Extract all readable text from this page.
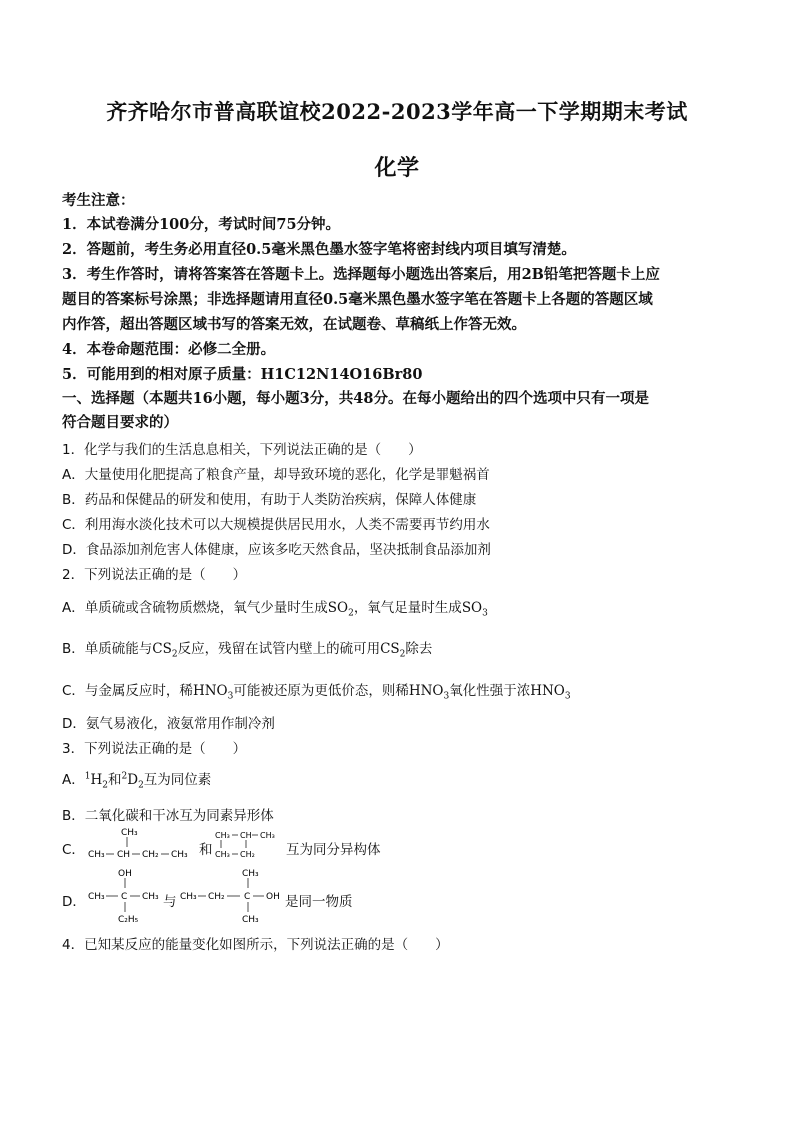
齐齐哈尔市普高联谊校2022-2023学年高一下学期期末考试
化学
考生注意：
1．本试卷满分100分，考试时间75分钟。
2．答题前，考生务必用直径0.5毫米黑色墨水签字笔将密封线内项目填写清楚。
3．考生作答时，请将答案答在答题卡上。选择题每小题选出答案后，用2B铅笔把答题卡上应
题目的答案标号涂黑；非选择题请用直径0.5毫米黑色墨水签字笔在答题卡上各题的答题区域
内作答，超出答题区域书写的答案无效，在试题卷、草稿纸上作答无效。
4．本卷命题范围：必修二全册。
5．可能用到的相对原子质量：H1C12N14O16Br80
一、选择题（本题共16小题，每小题3分，共48分。在每小题给出的四个选项中只有一项是
符合题目要求的）
1．化学与我们的生活息息相关，下列说法正确的是（　　）
A．大量使用化肥提高了粮食产量，却导致环境的恶化，化学是罪魁祸首
B．药品和保健品的研发和使用，有助于人类防治疾病，保障人体健康
C．利用海水淡化技术可以大规模提供居民用水，人类不需要再节约用水
D．食品添加剂危害人体健康，应该多吃天然食品，坚决抵制食品添加剂
2．下列说法正确的是（　　）
A．单质硫或含硫物质燃烧，氧气少量时生成$SO_2$，氧气足量时生成$SO_3$
B．单质硫能与$CS_2$反应，残留在试管内壁上的硫可用$CS_2$除去
C．与金属反应时，稀$HNO_3$可能被还原为更低价态，则稀$HNO_3$氧化性强于浓$HNO_3$
D．氨气易液化，液氨常用作制冷剂
3．下列说法正确的是（　　）
A．$^1H_2$和$^2D_2$互为同位素
B．二氧化碳和干冰互为同素异形体
C．
CH₃
CH₃ CH CH₂ CH₃ 和
CH₃ CH CH₃
CH₃ CH₂ 互为同分异构体
D．
OH
CH₃ C CH₃
C₂H₅
与
CH₃
CH₃ CH₂ C OH
CH₃
是同一物质
4．已知某反应的能量变化如图所示，下列说法正确的是（　　）
